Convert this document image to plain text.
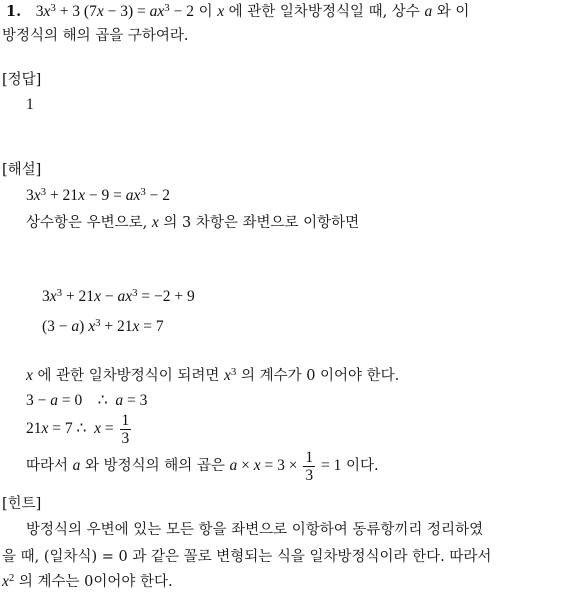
1. $3x^3 + 3$ $(7x - 3) = ax^3 - 2$ 이 x 에 관한 일차방정식일 때, 상수 a 와 이
방정식의 해의 곱을 구하여라.
[정답]
1
[해설]
$3x^3 + 21x - 9 = ax^3 - 2$
상수항은 우변으로, x 의 3 차항은 좌변으로 이항하면
$3x^3 + 21x - ax^3 = -2 + 9$
(3 − a) $x^3 + 21x = 7$
x 에 관한 일차방정식이 되려면 $x^3$ 의 계수가 0 이어야 한다.
3 − a = 0    ∴  a = 3
21x = 7 ∴  $x = \frac{1}{3}$
따라서 a 와 방정식의 해의 곱은 $a \times x = 3 \times \frac{1}{3} = 1$ 이다.
[힌트]
방정식의 우변에 있는 모든 항을 좌변으로 이항하여 동류항끼리 정리하였
을 때, (일차식) = 0 과 같은 꼴로 변형되는 식을 일차방정식이라 한다. 따라서
$x^2$ 의 계수는 0이어야 한다.
